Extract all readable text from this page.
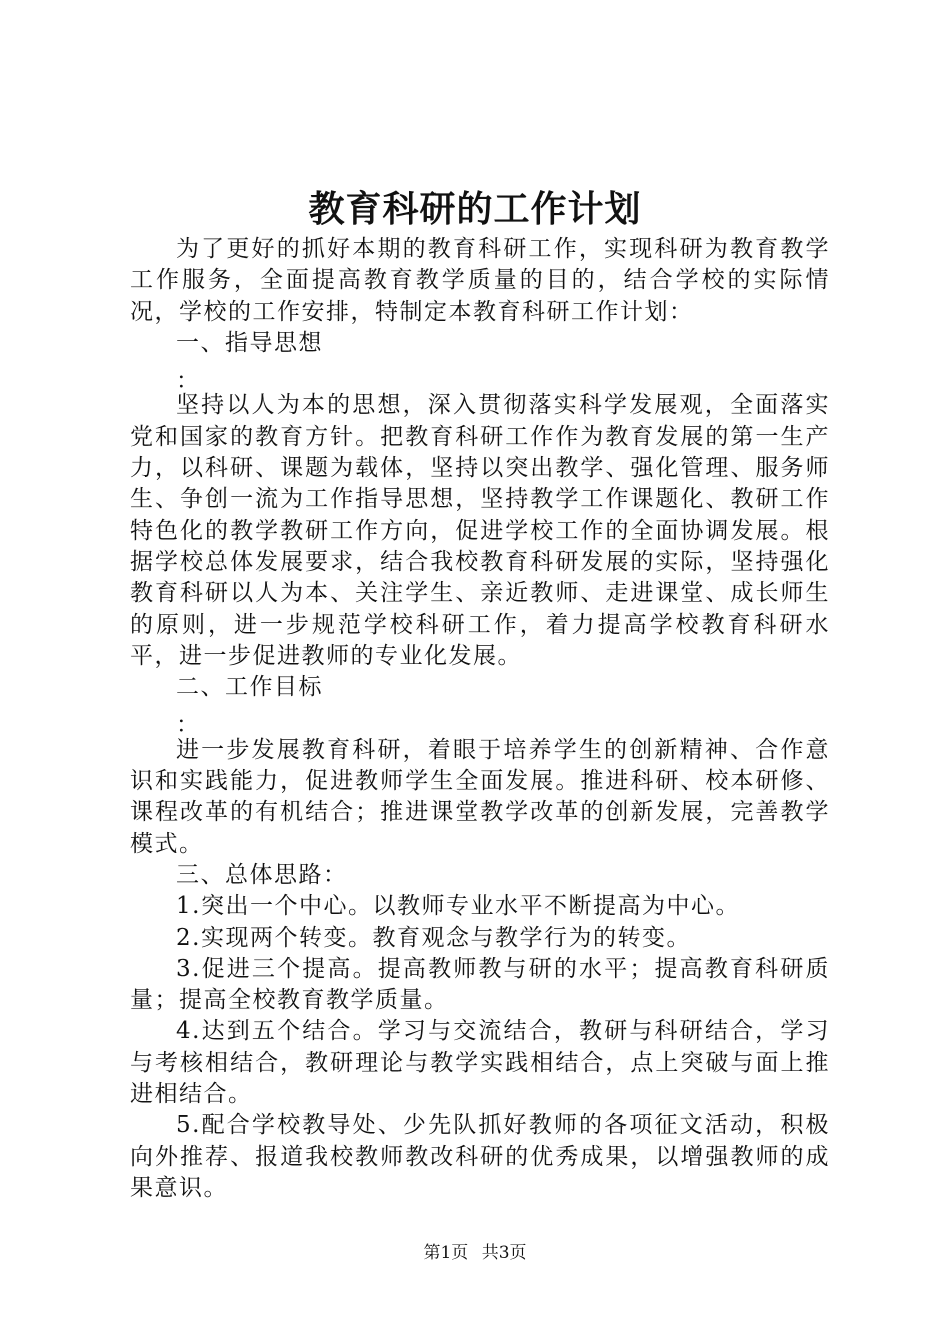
教育科研的工作计划

为了更好的抓好本期的教育科研工作，实现科研为教育教学工作服务，全面提高教育教学质量的目的，结合学校的实际情况，学校的工作安排，特制定本教育科研工作计划：

一、指导思想

：

坚持以人为本的思想，深入贯彻落实科学发展观，全面落实党和国家的教育方针。把教育科研工作作为教育发展的第一生产力，以科研、课题为载体，坚持以突出教学、强化管理、服务师生、争创一流为工作指导思想，坚持教学工作课题化、教研工作特色化的教学教研工作方向，促进学校工作的全面协调发展。根据学校总体发展要求，结合我校教育科研发展的实际，坚持强化教育科研以人为本、关注学生、亲近教师、走进课堂、成长师生的原则，进一步规范学校科研工作，着力提高学校教育科研水平，进一步促进教师的专业化发展。

二、工作目标

：

进一步发展教育科研，着眼于培养学生的创新精神、合作意识和实践能力，促进教师学生全面发展。推进科研、校本研修、课程改革的有机结合；推进课堂教学改革的创新发展，完善教学模式。

三、总体思路：

1.突出一个中心。以教师专业水平不断提高为中心。

2.实现两个转变。教育观念与教学行为的转变。

3.促进三个提高。提高教师教与研的水平；提高教育科研质量；提高全校教育教学质量。

4.达到五个结合。学习与交流结合，教研与科研结合，学习与考核相结合，教研理论与教学实践相结合，点上突破与面上推进相结合。

5.配合学校教导处、少先队抓好教师的各项征文活动，积极向外推荐、报道我校教师教改科研的优秀成果，以增强教师的成果意识。

第1页 共3页
